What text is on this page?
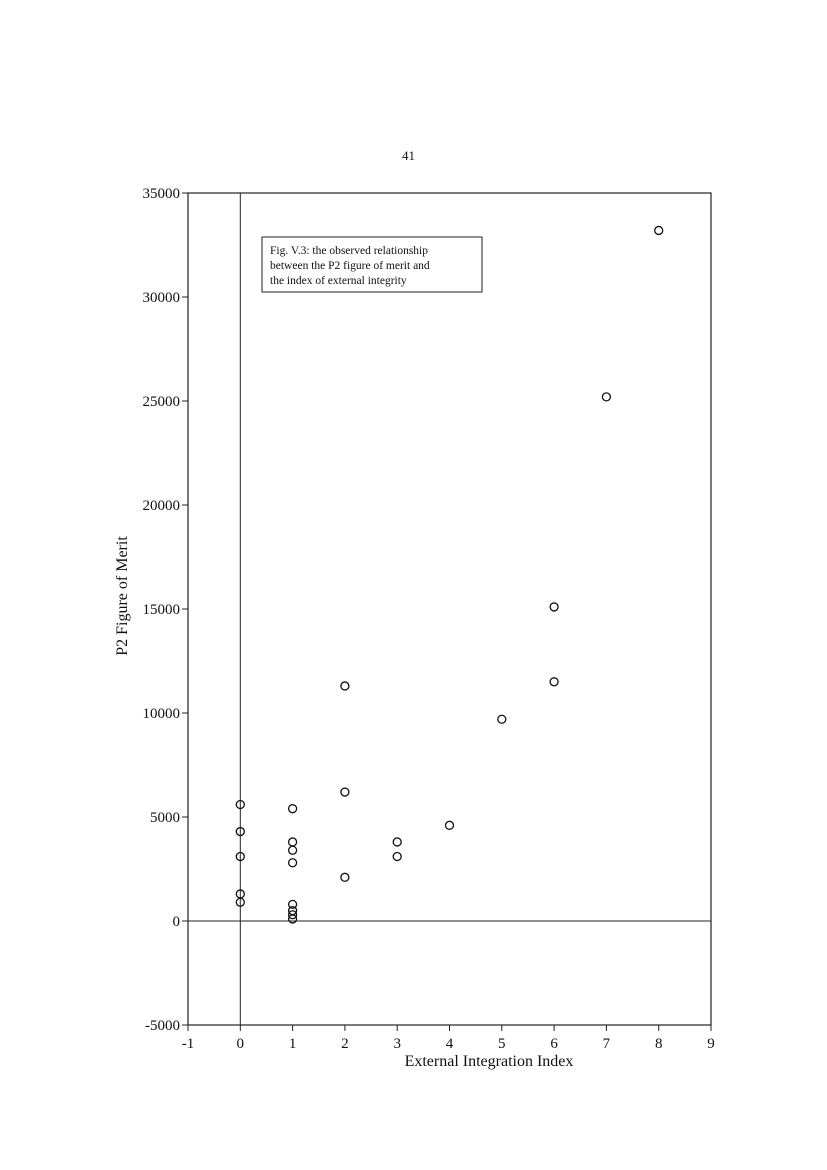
41
-1	0	1	2	3	4	5	6	7	8	9
-5000
0
5000
10000
15000
20000
25000
30000
35000
Fig. V.3: the observed relationship
between the P2 figure of merit and
the index of external integrity
External Integration Index
P2 Figure of Merit
